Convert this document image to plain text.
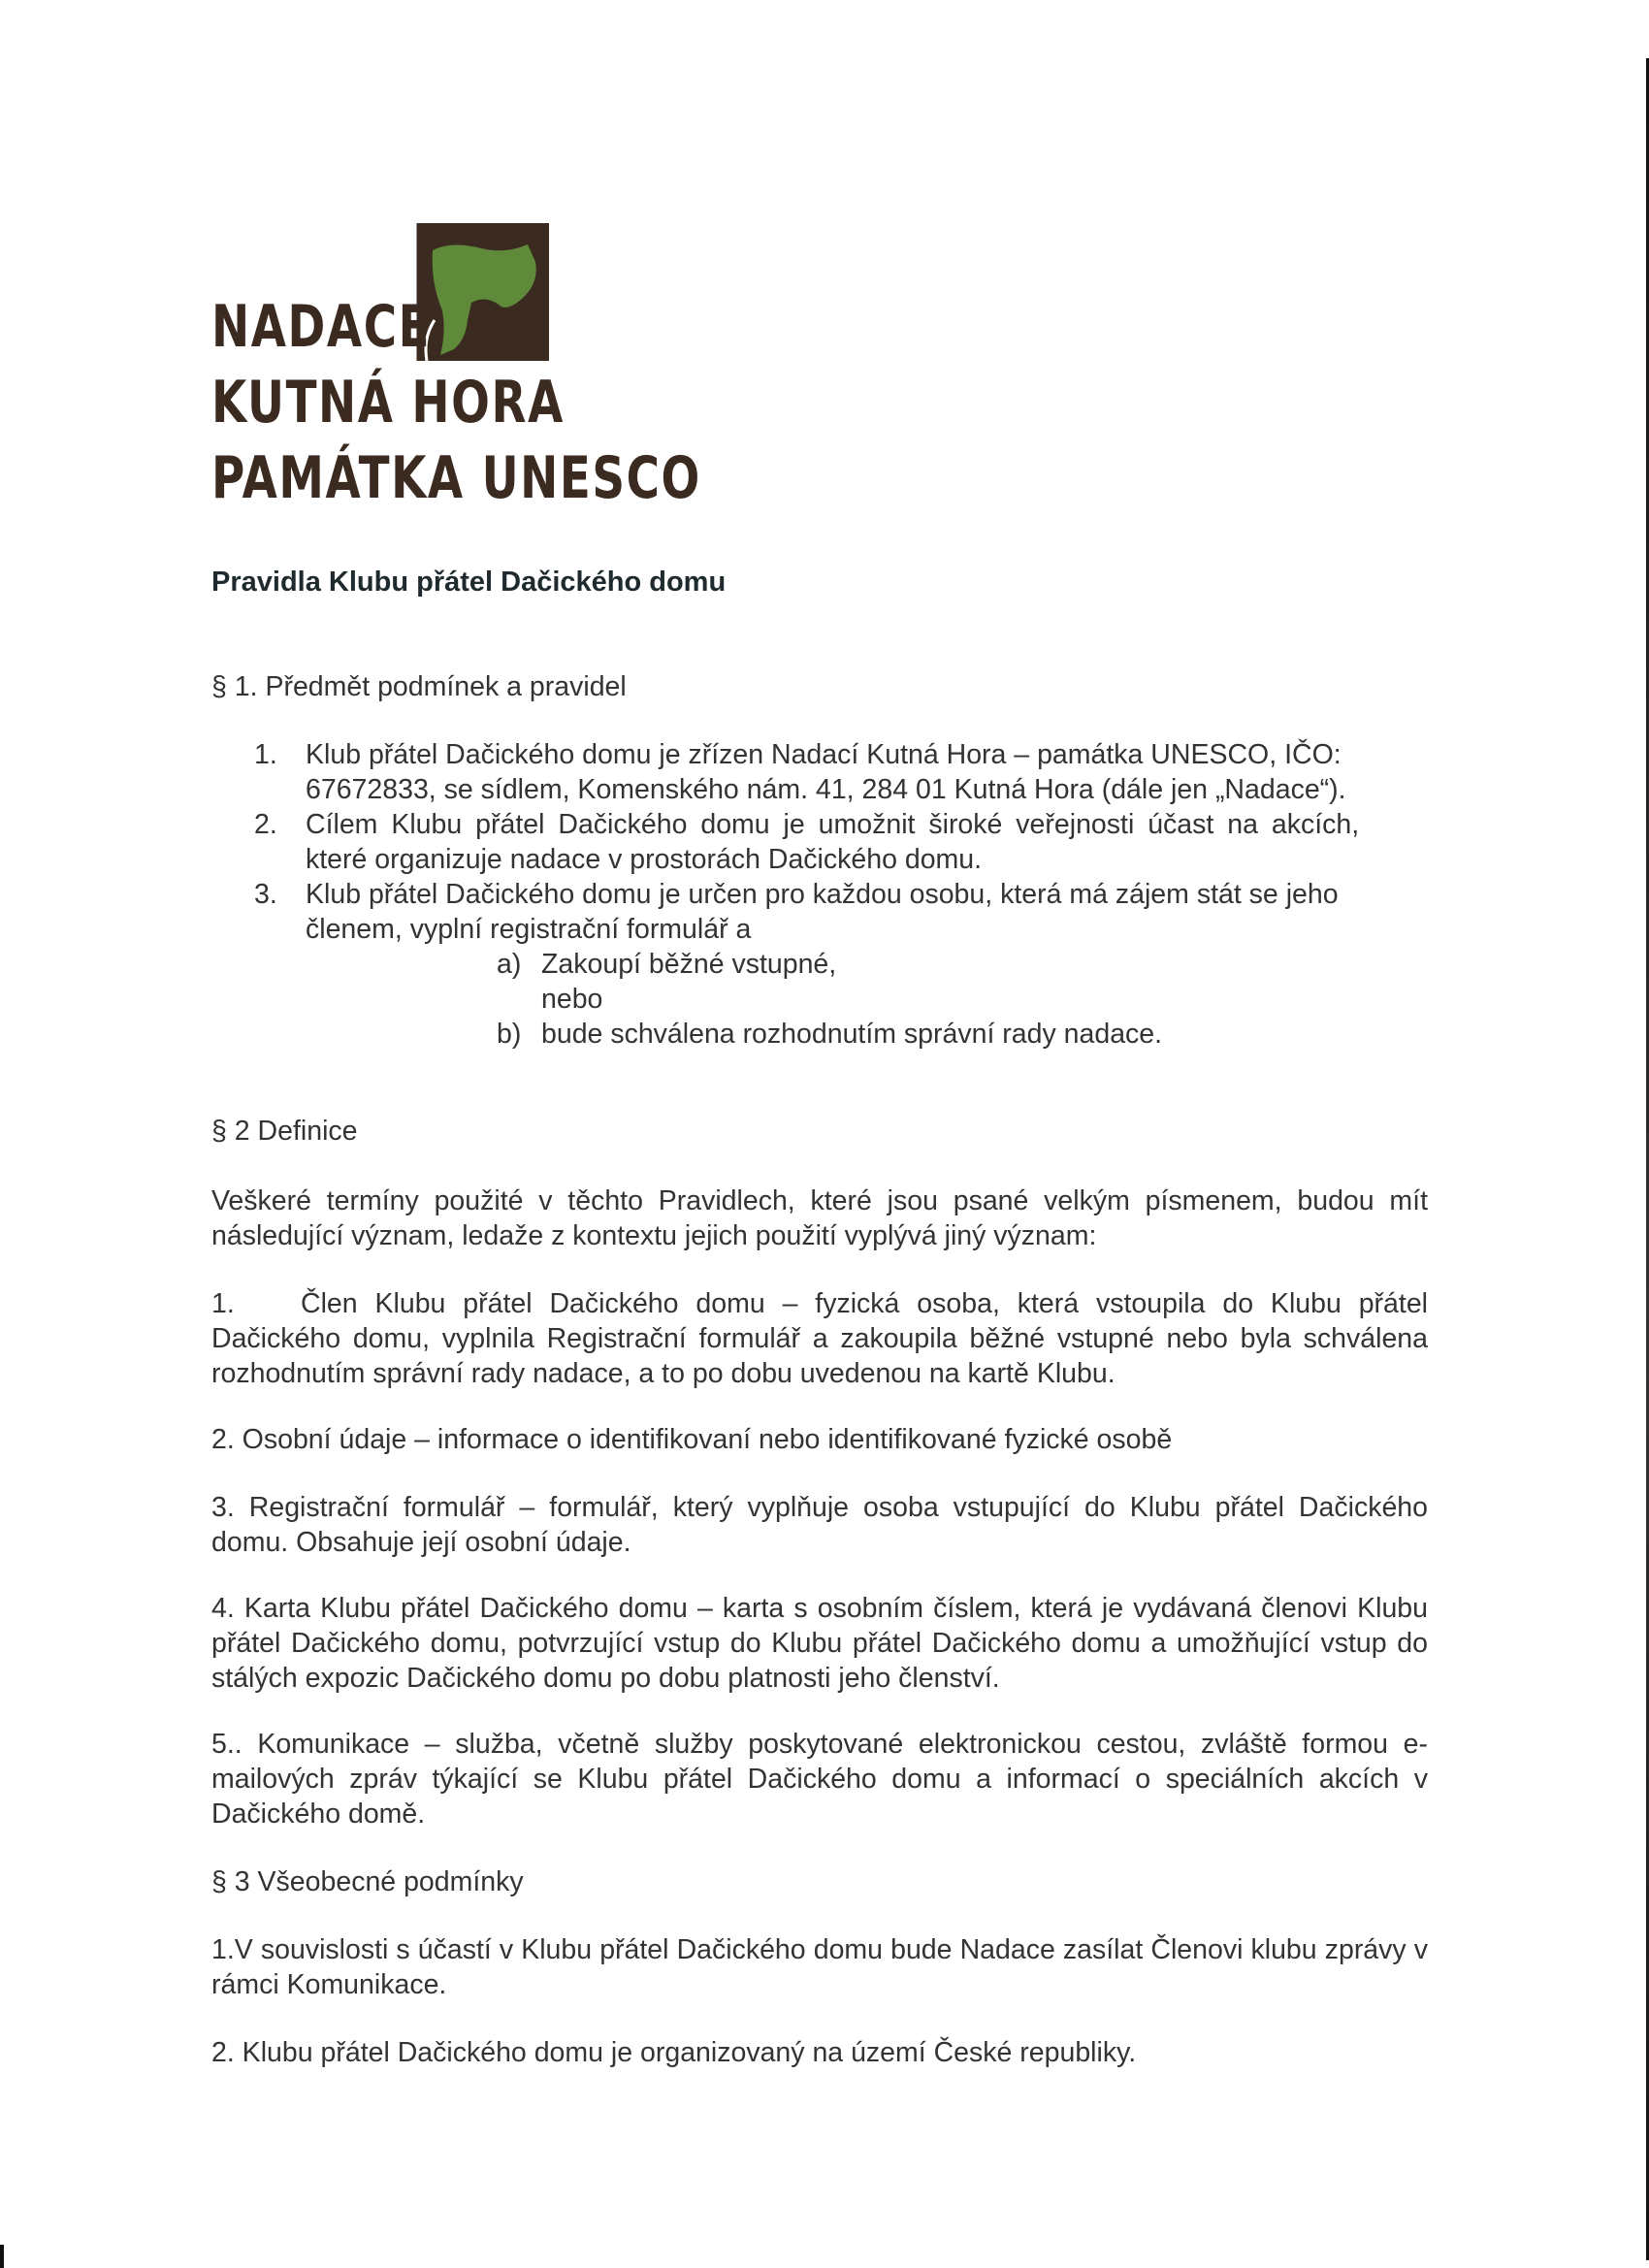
NADACE
KUTNÁ HORA
PAMÁTKA UNESCO
Pravidla Klubu přátel Dačického domu
§ 1. Předmět podmínek a pravidel
1. Klub přátel Dačického domu je zřízen Nadací Kutná Hora – památka UNESCO, IČO:
67672833, se sídlem, Komenského nám. 41, 284 01 Kutná Hora (dále jen „Nadace“).
2. Cílem Klubu přátel Dačického domu je umožnit široké veřejnosti účast na akcích,
které organizuje nadace v prostorách Dačického domu.
3. Klub přátel Dačického domu je určen pro každou osobu, která má zájem stát se jeho
členem, vyplní registrační formulář a
a) Zakoupí běžné vstupné,
nebo
b) bude schválena rozhodnutím správní rady nadace.
§ 2 Definice
Veškeré termíny použité v těchto Pravidlech, které jsou psané velkým písmenem, budou mít následující význam, ledaže z kontextu jejich použití vyplývá jiný význam:
1.	Člen Klubu přátel Dačického domu – fyzická osoba, která vstoupila do Klubu přátel Dačického domu, vyplnila Registrační formulář a zakoupila běžné vstupné nebo byla schválena rozhodnutím správní rady nadace, a to po dobu uvedenou na kartě Klubu.
2. Osobní údaje – informace o identifikovaní nebo identifikované fyzické osobě
3. Registrační formulář – formulář, který vyplňuje osoba vstupující do Klubu přátel Dačického domu. Obsahuje její osobní údaje.
4. Karta Klubu přátel Dačického domu – karta s osobním číslem, která je vydávaná členovi Klubu přátel Dačického domu, potvrzující vstup do Klubu přátel Dačického domu a umožňující vstup do stálých expozic Dačického domu po dobu platnosti jeho členství.
5.. Komunikace – služba, včetně služby poskytované elektronickou cestou, zvláště formou e-mailových zpráv týkající se Klubu přátel Dačického domu a informací o speciálních akcích v Dačického domě.
§ 3 Všeobecné podmínky
1.V souvislosti s účastí v Klubu přátel Dačického domu bude Nadace zasílat Členovi klubu zprávy v rámci Komunikace.
2. Klubu přátel Dačického domu je organizovaný na území České republiky.
